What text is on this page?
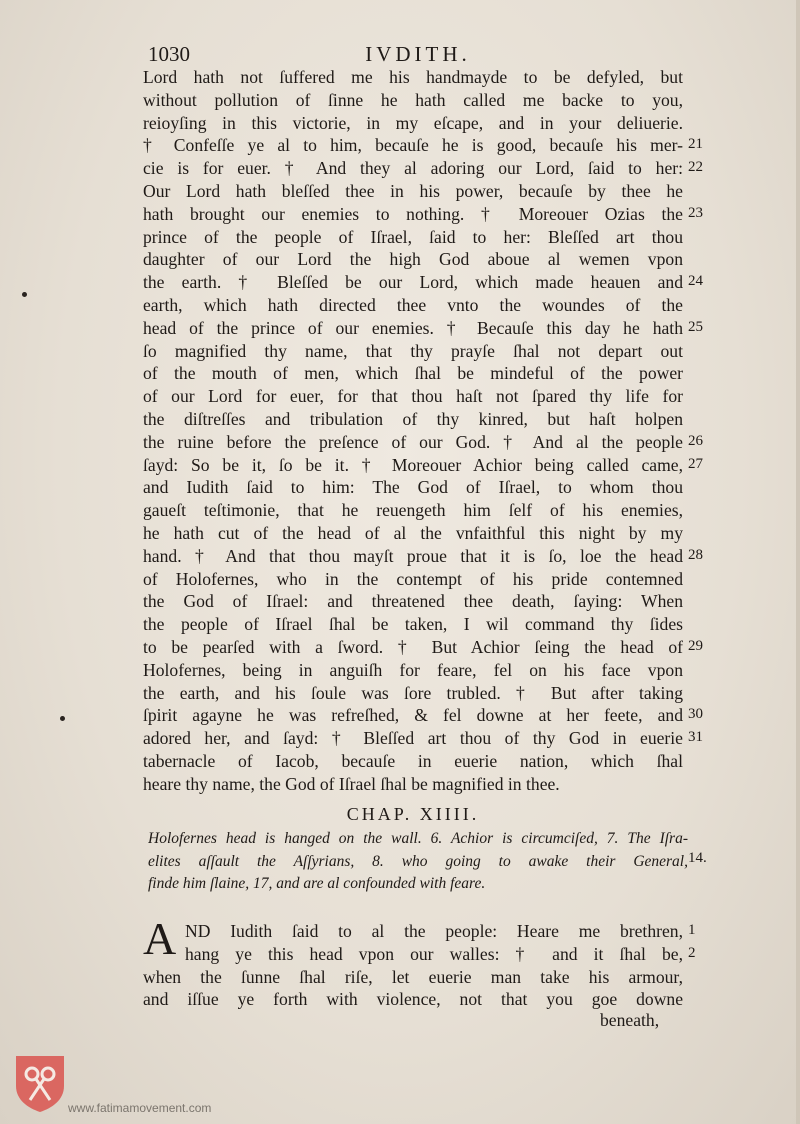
1030	IVDITH.
Lord hath not ſuffered me his handmayde to be defyled, but
without pollution of ſinne he hath called me backe to you,
reioyſing in this victorie, in my eſcape, and in your deliuerie.
† Confeſſe ye al to him, becauſe he is good, becauſe his mer-
cie is for euer. † And they al adoring our Lord, ſaid to her:
Our Lord hath bleſſed thee in his power, becauſe by thee he
hath brought our enemies to nothing. † Moreouer Ozias the
prince of the people of Iſrael, ſaid to her: Bleſſed art thou
daughter of our Lord the high God aboue al wemen vpon
the earth. † Bleſſed be our Lord, which made heauen and
earth, which hath directed thee vnto the woundes of the
head of the prince of our enemies. † Becauſe this day he hath
ſo magnified thy name, that thy prayſe ſhal not depart out
of the mouth of men, which ſhal be mindeful of the power
of our Lord for euer, for that thou haſt not ſpared thy life for
the diſtreſſes and tribulation of thy kinred, but haſt holpen
the ruine before the preſence of our God. † And al the people
ſayd: So be it, ſo be it. † Moreouer Achior being called came,
and Iudith ſaid to him: The God of Iſrael, to whom thou
gaueſt teſtimonie, that he reuengeth him ſelf of his enemies,
he hath cut of the head of al the vnfaithful this night by my
hand. † And that thou mayſt proue that it is ſo, loe the head
of Holofernes, who in the contempt of his pride contemned
the God of Iſrael: and threatened thee death, ſaying: When
the people of Iſrael ſhal be taken, I wil command thy ſides
to be pearſed with a ſword. † But Achior ſeing the head of
Holofernes, being in anguiſh for feare, fel on his face vpon
the earth, and his ſoule was ſore trubled. † But after taking
ſpirit agayne he was refreſhed, & fel downe at her feete, and
adored her, and ſayd: † Bleſſed art thou of thy God in euerie
tabernacle of Iacob, becauſe in euerie nation, which ſhal
heare thy name, the God of Iſrael ſhal be magnified in thee.
21
22
23
24
25
26
27
28
29
30
31
CHAP. XIIII.
Holofernes head is hanged on the wall. 6. Achior is circumciſed, 7. The Iſra-
elites aſſault the Aſſyrians, 8. who going to awake their General,
finde him ſlaine, 17, and are al confounded with feare.
14.
A ND Iudith ſaid to al the people: Heare me brethren,
hang ye this head vpon our walles: † and it ſhal be,
when the ſunne ſhal riſe, let euerie man take his armour,
and iſſue ye forth with violence, not that you goe downe
1
2
beneath,
www.fatimamovement.com
